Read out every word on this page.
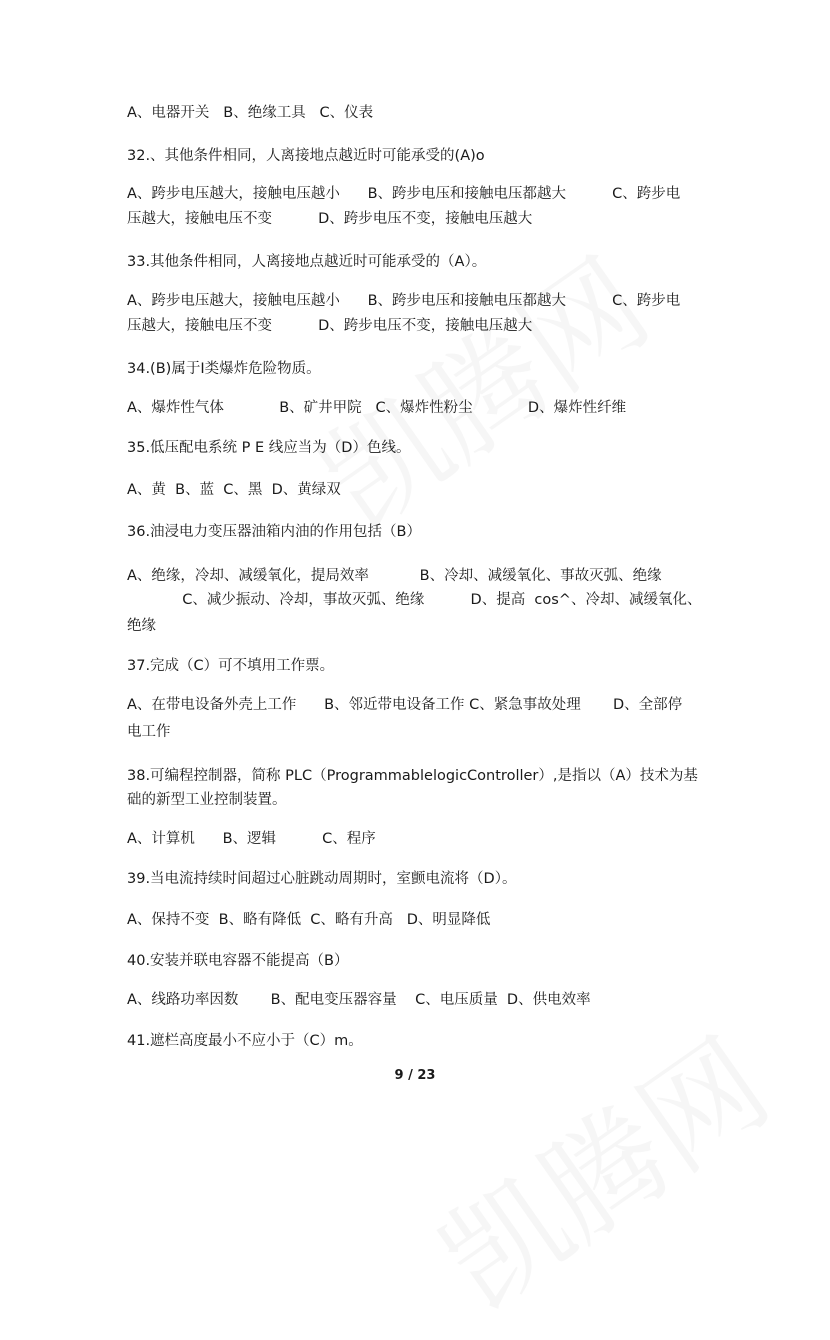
A、电器开关   B、绝缘工具   C、仪表
32.、其他条件相同，人离接地点越近时可能承受的(A)o
A、跨步电压越大，接触电压越小      B、跨步电压和接触电压都越大          C、跨步电
压越大，接触电压不变          D、跨步电压不变，接触电压越大
33.其他条件相同，人离接地点越近时可能承受的（A）。
A、跨步电压越大，接触电压越小      B、跨步电压和接触电压都越大          C、跨步电
压越大，接触电压不变          D、跨步电压不变，接触电压越大
34.(B)属于Ⅰ类爆炸危险物质。
A、爆炸性气体            B、矿井甲院   C、爆炸性粉尘            D、爆炸性纤维
35.低压配电系统 P E 线应当为（D）色线。
A、黄  B、蓝  C、黑  D、黄绿双
36.油浸电力变压器油箱内油的作用包括（B）
A、绝缘，冷却、减缓氧化，提局效率           B、冷却、减缓氧化、事故灭弧、绝缘
C、减少振动、冷却，事故灭弧、绝缘          D、提高  cos^、冷却、减缓氧化、
绝缘
37.完成（C）可不填用工作票。
A、在带电设备外壳上工作      B、邻近带电设备工作 C、紧急事故处理       D、全部停
电工作
38.可编程控制器，简称 PLC（ProgrammablelogicController）,是指以（A）技术为基
础的新型工业控制装置。
A、计算机      B、逻辑          C、程序
39.当电流持续时间超过心脏跳动周期时，室颤电流将（D）。
A、保持不变  B、略有降低  C、略有升高   D、明显降低
40.安装并联电容器不能提高（B）
A、线路功率因数       B、配电变压器容量    C、电压质量  D、供电效率
41.遮栏高度最小不应小于（C）m。
9 / 23
